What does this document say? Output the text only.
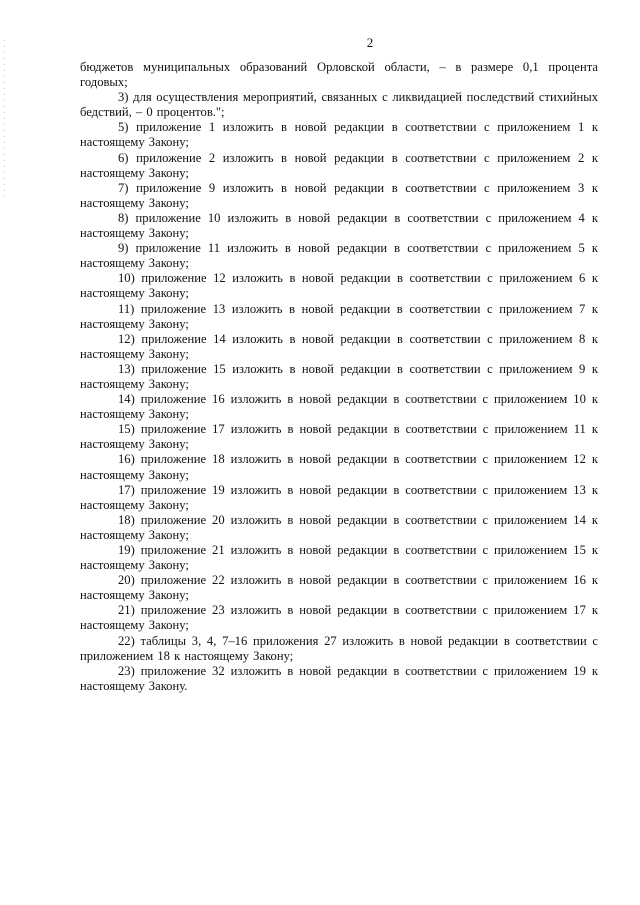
2

бюджетов муниципальных образований Орловской области, – в размере 0,1 процента годовых;

3) для осуществления мероприятий, связанных с ликвидацией последствий стихийных бедствий, – 0 процентов.";

5) приложение 1 изложить в новой редакции в соответствии с приложением 1 к настоящему Закону;

6) приложение 2 изложить в новой редакции в соответствии с приложением 2 к настоящему Закону;

7) приложение 9 изложить в новой редакции в соответствии с приложением 3 к настоящему Закону;

8) приложение 10 изложить в новой редакции в соответствии с приложением 4 к настоящему Закону;

9) приложение 11 изложить в новой редакции в соответствии с приложением 5 к настоящему Закону;

10) приложение 12 изложить в новой редакции в соответствии с приложением 6 к настоящему Закону;

11) приложение 13 изложить в новой редакции в соответствии с приложением 7 к настоящему Закону;

12) приложение 14 изложить в новой редакции в соответствии с приложением 8 к настоящему Закону;

13) приложение 15 изложить в новой редакции в соответствии с приложением 9 к настоящему Закону;

14) приложение 16 изложить в новой редакции в соответствии с приложением 10 к настоящему Закону;

15) приложение 17 изложить в новой редакции в соответствии с приложением 11 к настоящему Закону;

16) приложение 18 изложить в новой редакции в соответствии с приложением 12 к настоящему Закону;

17) приложение 19 изложить в новой редакции в соответствии с приложением 13 к настоящему Закону;

18) приложение 20 изложить в новой редакции в соответствии с приложением 14 к настоящему Закону;

19) приложение 21 изложить в новой редакции в соответствии с приложением 15 к настоящему Закону;

20) приложение 22 изложить в новой редакции в соответствии с приложением 16 к настоящему Закону;

21) приложение 23 изложить в новой редакции в соответствии с приложением 17 к настоящему Закону;

22) таблицы 3, 4, 7–16 приложения 27 изложить в новой редакции в соответствии с приложением 18 к настоящему Закону;

23) приложение 32 изложить в новой редакции в соответствии с приложением 19 к настоящему Закону.
